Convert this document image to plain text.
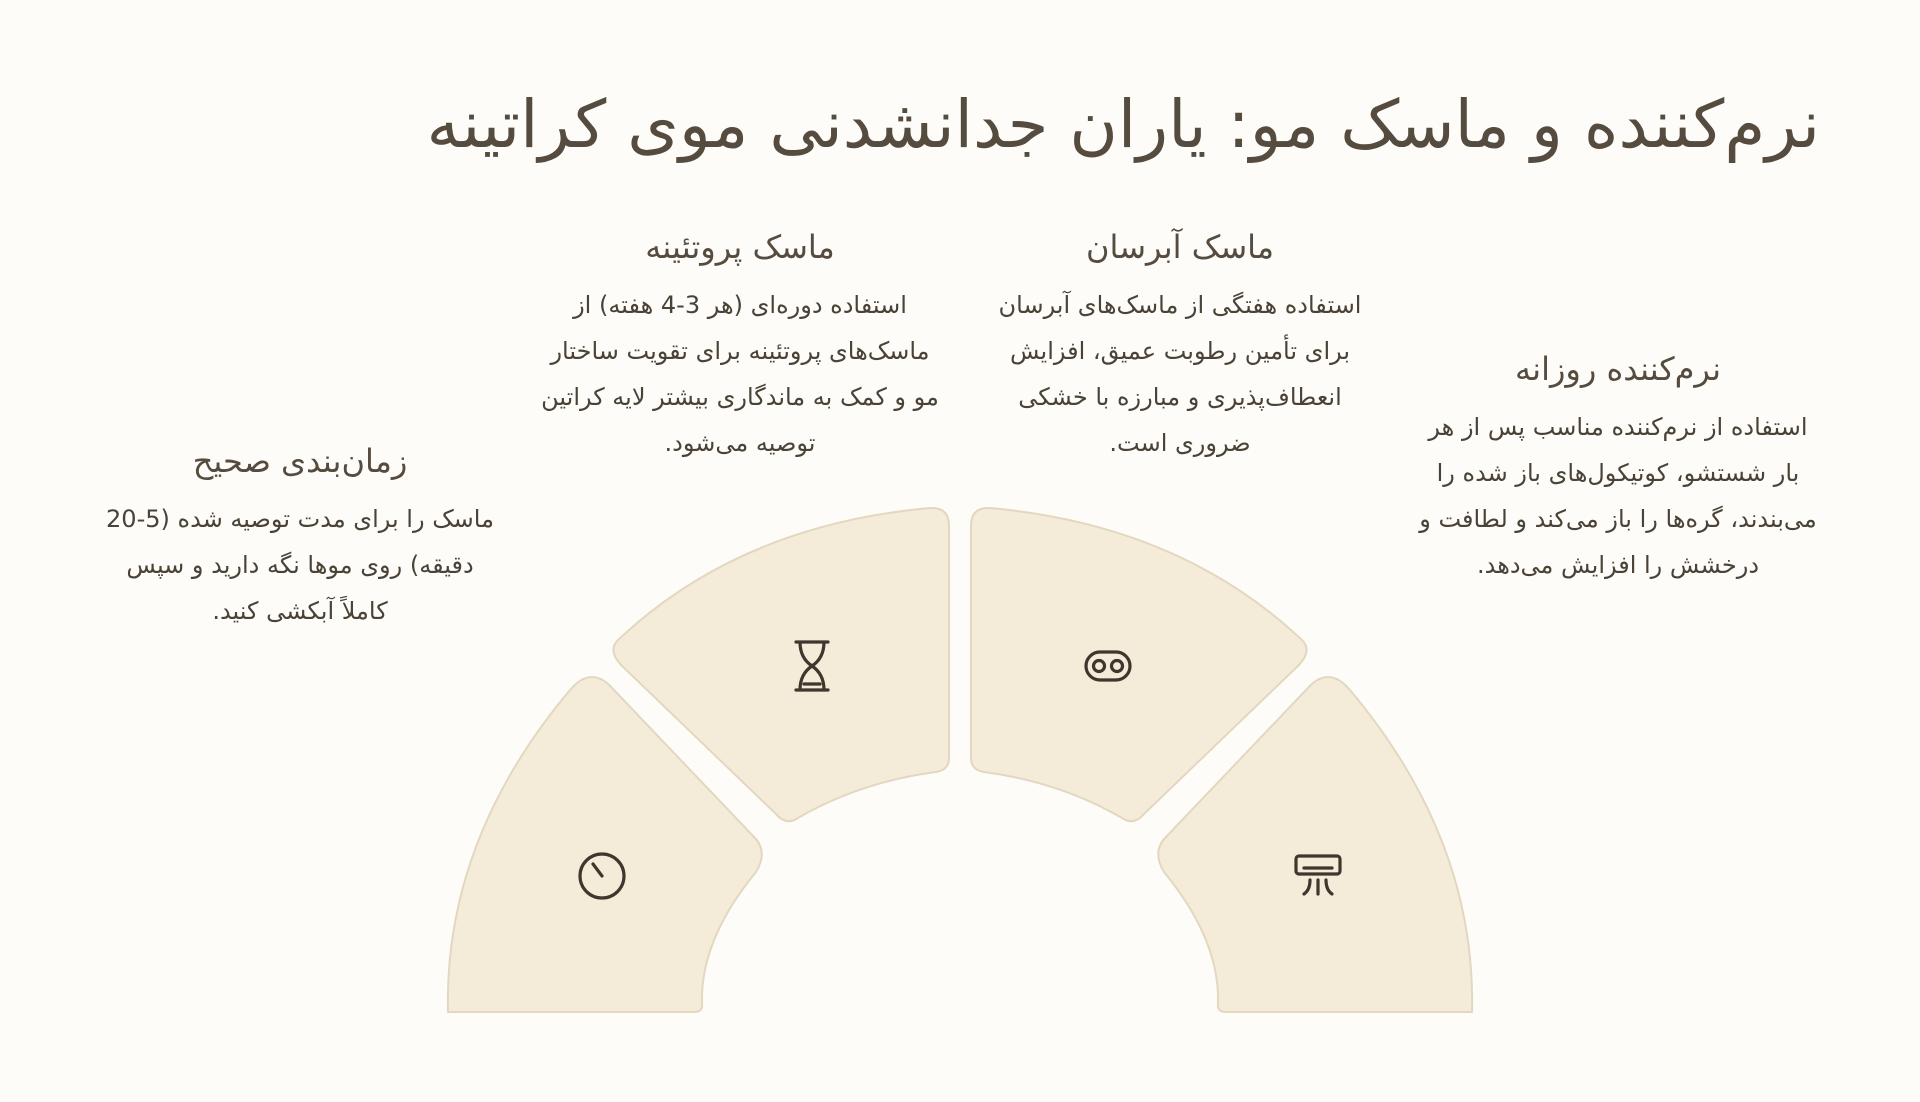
نرم‌کننده و ماسک مو: یاران جدانشدنی موی کراتینه
ماسک پروتئینه

استفاده دوره‌ای (هر 3-4 هفته) از ماسک‌های پروتئینه برای تقویت ساختار مو و کمک به ماندگاری بیشتر لایه کراتین توصیه می‌شود.

ماسک آبرسان

استفاده هفتگی از ماسک‌های آبرسان برای تأمین رطوبت عمیق، افزایش انعطاف‌پذیری و مبارزه با خشکی ضروری است.

نرم‌کننده روزانه

استفاده از نرم‌کننده مناسب پس از هر بار شستشو، کوتیکول‌های باز شده را می‌بندند، گره‌ها را باز می‌کند و لطافت و درخشش را افزایش می‌دهد.

زمان‌بندی صحیح

ماسک را برای مدت توصیه شده (5-20 دقیقه) روی موها نگه دارید و سپس کاملاً آبکشی کنید.
